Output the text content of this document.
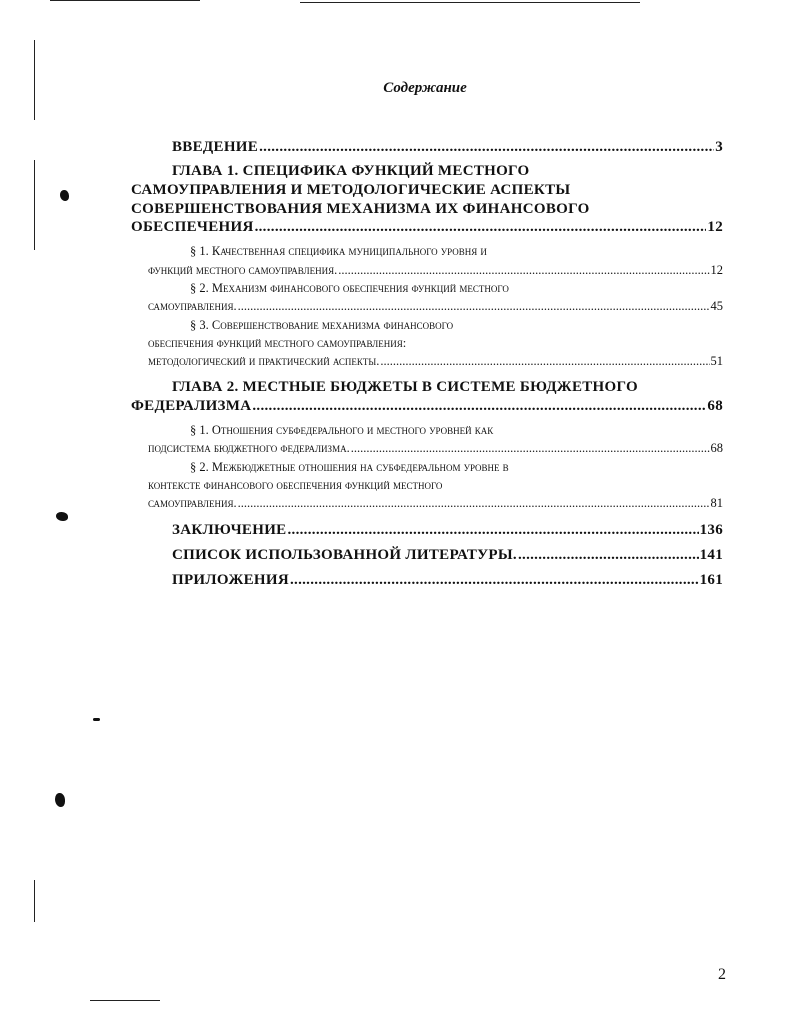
Содержание
ВВЕДЕНИЕ .....	3
ГЛАВА 1. СПЕЦИФИКА ФУНКЦИЙ МЕСТНОГО
САМОУПРАВЛЕНИЯ И МЕТОДОЛОГИЧЕСКИЕ АСПЕКТЫ
СОВЕРШЕНСТВОВАНИЯ МЕХАНИЗМА ИХ ФИНАНСОВОГО
ОБЕСПЕЧЕНИЯ .....	12
§ 1. Качественная специфика муниципального уровня и
функций местного самоуправления. .....	12
§ 2. Механизм финансового обеспечения функций местного
самоуправления. .....	45
§ 3. Совершенствование механизма финансового
обеспечения функций местного самоуправления:
методологический и практический аспекты. .....	51
ГЛАВА 2. МЕСТНЫЕ БЮДЖЕТЫ В СИСТЕМЕ БЮДЖЕТНОГО
ФЕДЕРАЛИЗМА .....	68
§ 1. Отношения субфедерального и местного уровней как
подсистема бюджетного федерализма. .....	68
§ 2. Межбюджетные отношения на субфедеральном уровне в
контексте финансового обеспечения функций местного
самоуправления. .....	81
ЗАКЛЮЧЕНИЕ .....	136
СПИСОК ИСПОЛЬЗОВАННОЙ ЛИТЕРАТУРЫ. .....	141
ПРИЛОЖЕНИЯ .....	161
2
